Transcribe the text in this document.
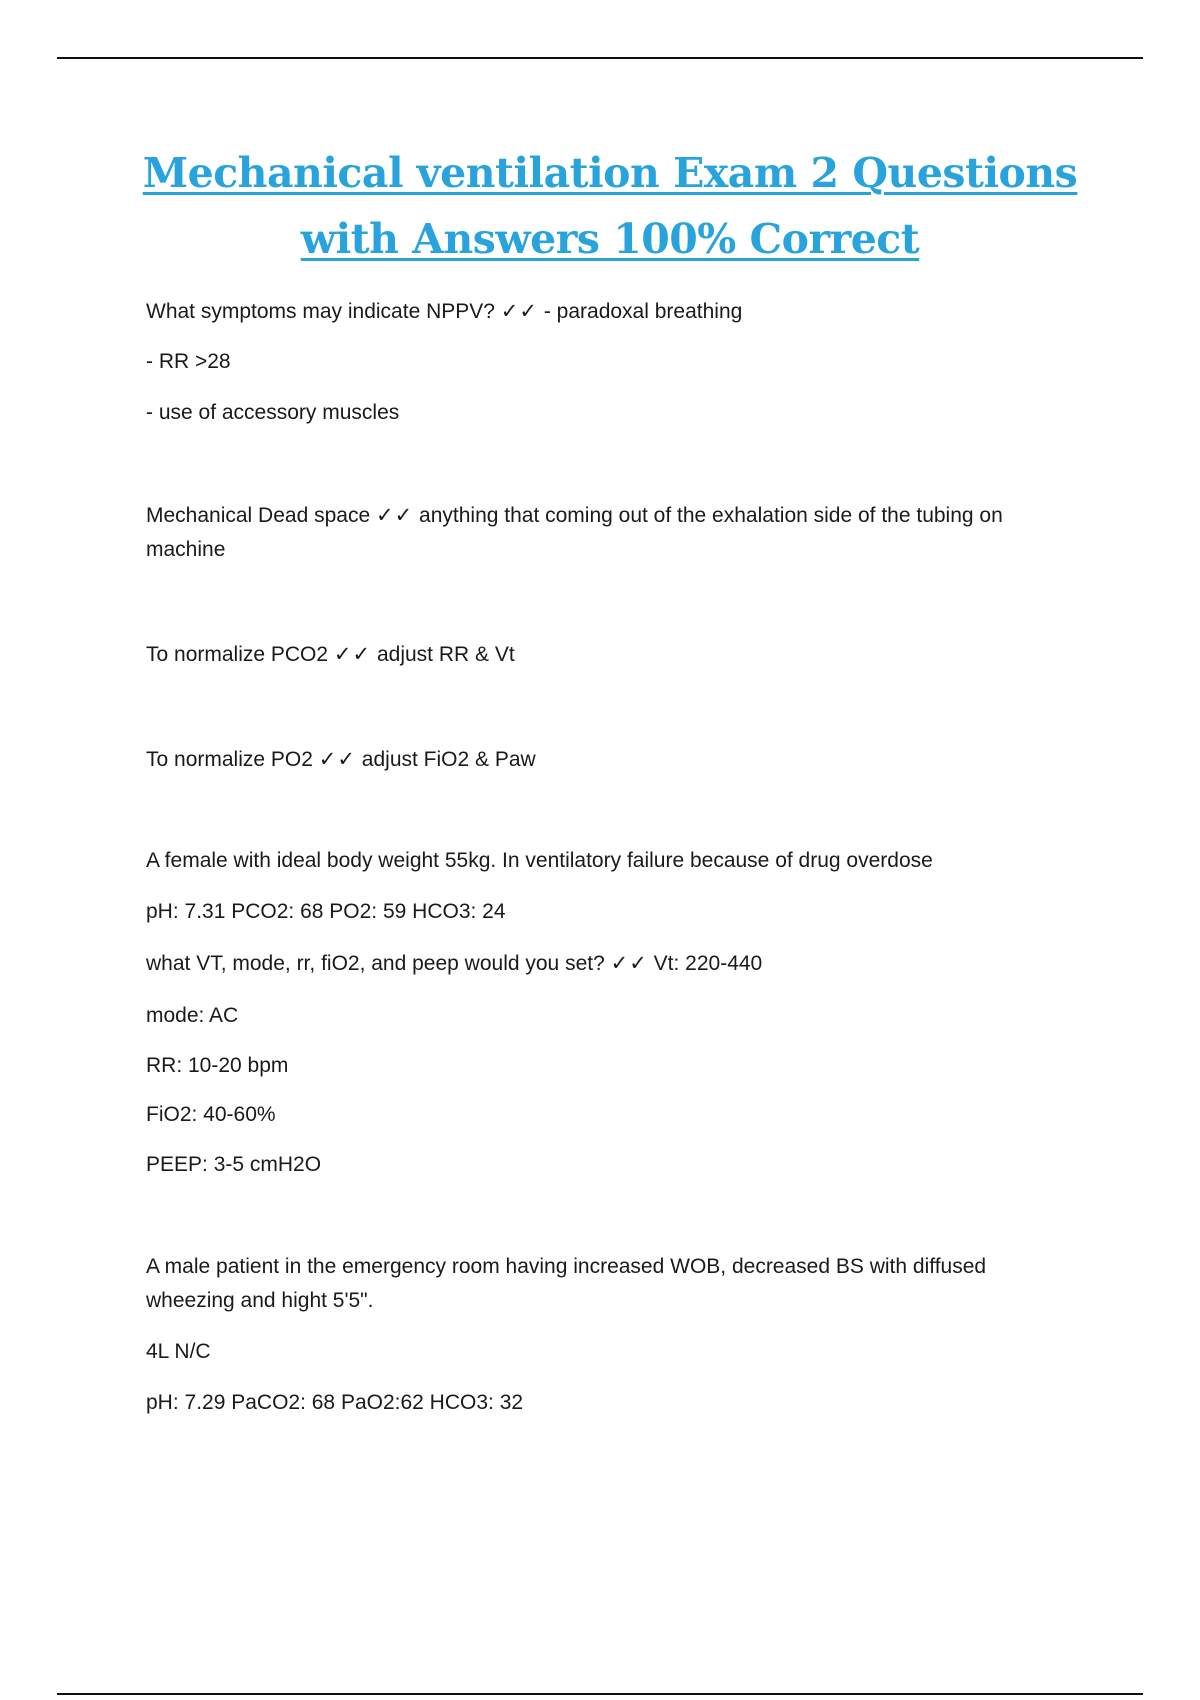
Mechanical ventilation Exam 2 Questions with Answers 100% Correct
What symptoms may indicate NPPV? ✓✓ - paradoxal breathing
- RR >28
- use of accessory muscles
Mechanical Dead space ✓✓ anything that coming out of the exhalation side of the tubing on machine
To normalize PCO2 ✓✓ adjust RR & Vt
To normalize PO2 ✓✓ adjust FiO2 & Paw
A female with ideal body weight 55kg. In ventilatory failure because of drug overdose
pH: 7.31 PCO2: 68 PO2: 59 HCO3: 24
what VT, mode, rr, fiO2, and peep would you set? ✓✓ Vt: 220-440
mode: AC
RR: 10-20 bpm
FiO2: 40-60%
PEEP: 3-5 cmH2O
A male patient in the emergency room having increased WOB, decreased BS with diffused wheezing and hight 5'5".
4L N/C
pH: 7.29 PaCO2: 68 PaO2:62 HCO3: 32
